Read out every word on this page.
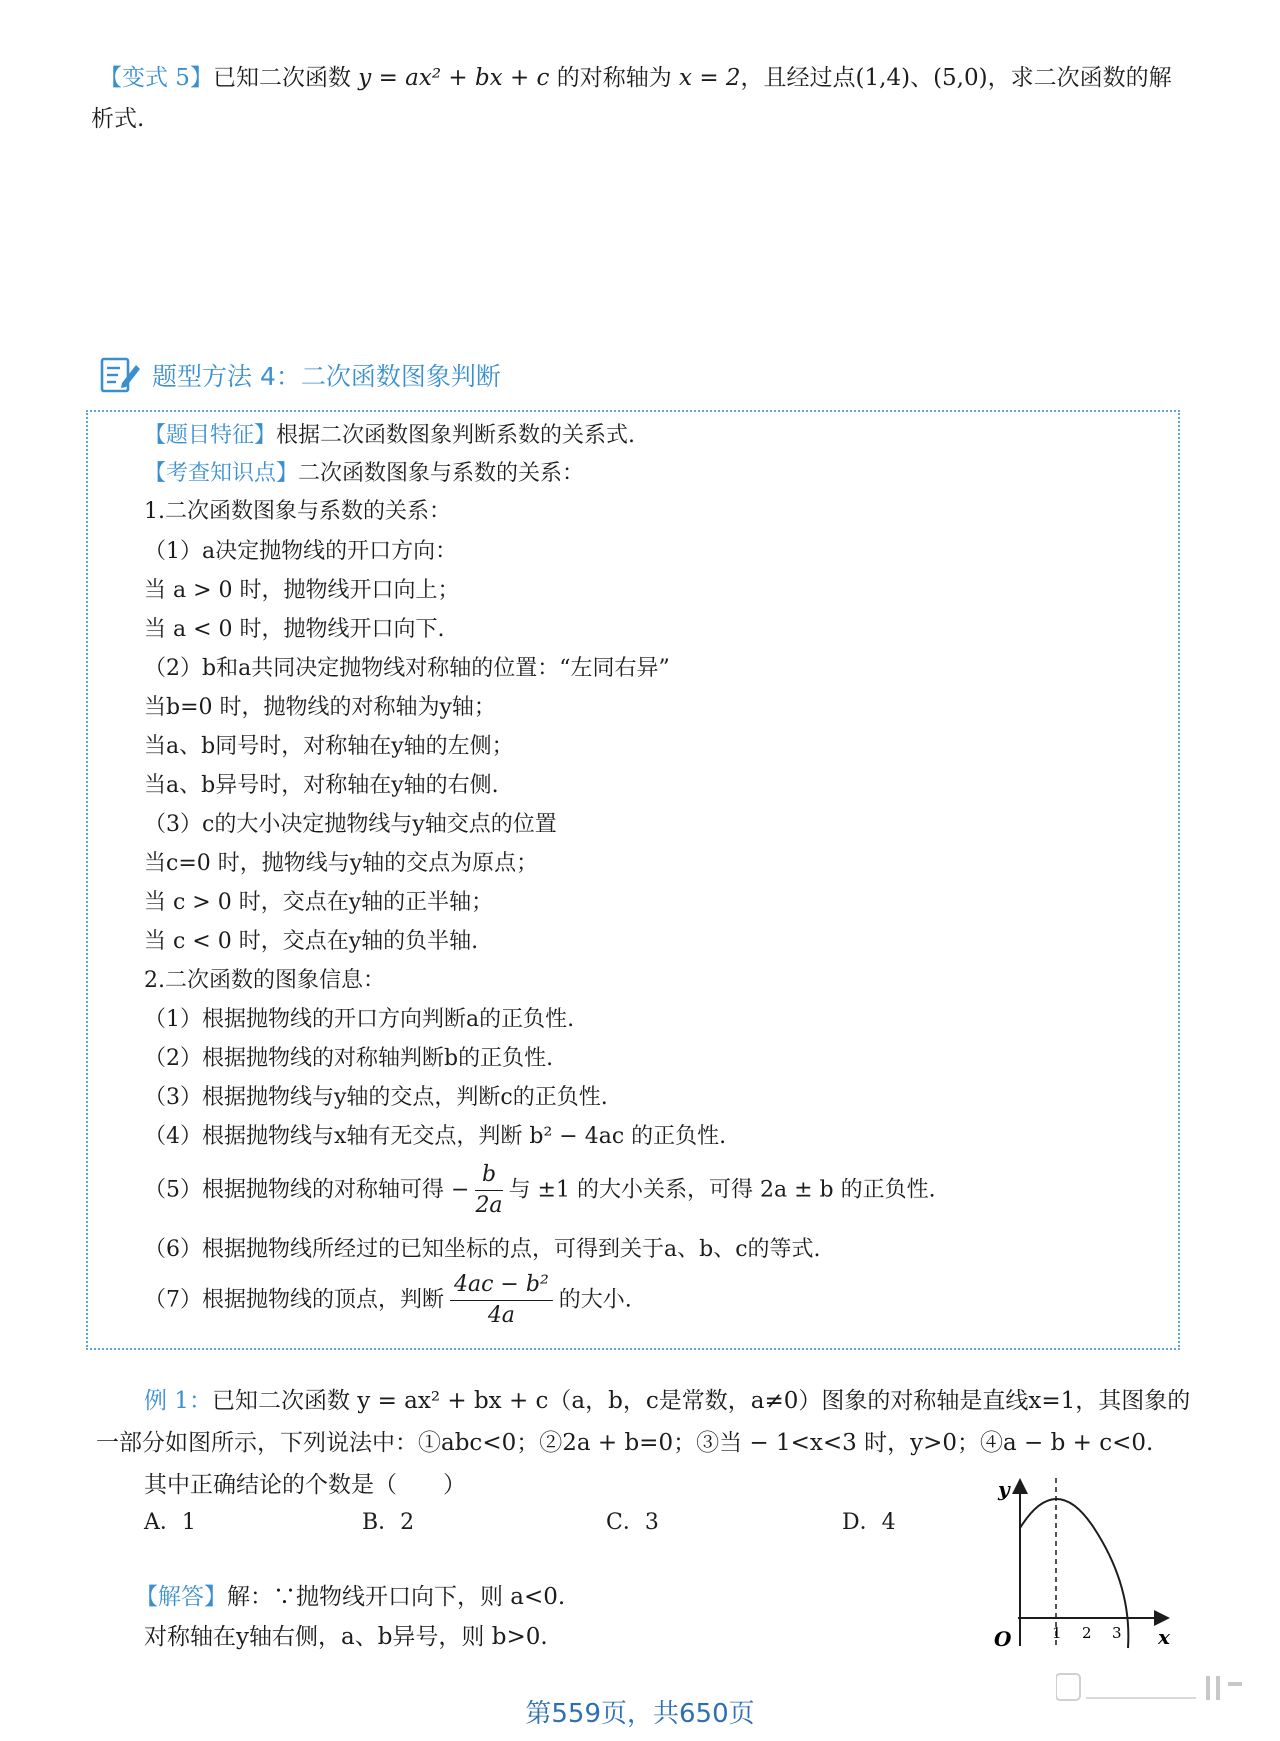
【变式 5】已知二次函数 y = ax² + bx + c 的对称轴为 x = 2，且经过点(1,4)、(5,0)，求二次函数的解
析式.
题型方法 4：二次函数图象判断
【题目特征】根据二次函数图象判断系数的关系式.
【考查知识点】二次函数图象与系数的关系：
1.二次函数图象与系数的关系：
（1）a决定抛物线的开口方向：
当 a > 0 时，抛物线开口向上；
当 a < 0 时，抛物线开口向下.
（2）b和a共同决定抛物线对称轴的位置：“左同右异”
当b=0 时，抛物线的对称轴为y轴；
当a、b同号时，对称轴在y轴的左侧；
当a、b异号时，对称轴在y轴的右侧.
（3）c的大小决定抛物线与y轴交点的位置
当c=0 时，抛物线与y轴的交点为原点；
当 c > 0 时，交点在y轴的正半轴；
当 c < 0 时，交点在y轴的负半轴.
2.二次函数的图象信息：
（1）根据抛物线的开口方向判断a的正负性.
（2）根据抛物线的对称轴判断b的正负性.
（3）根据抛物线与y轴的交点，判断c的正负性.
（4）根据抛物线与x轴有无交点，判断 b² − 4ac 的正负性.
（5）根据抛物线的对称轴可得 − $\frac{b}{2a}$ 与 ±1 的大小关系，可得 2a ± b 的正负性.
（6）根据抛物线所经过的已知坐标的点，可得到关于a、b、c的等式.
（7）根据抛物线的顶点，判断 $\frac{\text{4ac − b²}}{4a}$ 的大小.
例 1：已知二次函数 y = ax² + bx + c（a，b，c是常数，a≠0）图象的对称轴是直线x=1，其图象的
一部分如图所示，下列说法中：①abc<0；②2a + b=0；③当 − 1<x<3 时，y>0；④a − b + c<0.
其中正确结论的个数是（　　）
A．1	B．2	C．3	D．4
【解答】解：∵抛物线开口向下，则 a<0.
对称轴在y轴右侧，a、b异号，则 b>0.
y
x
O	1 2 3
第559页，共650页
